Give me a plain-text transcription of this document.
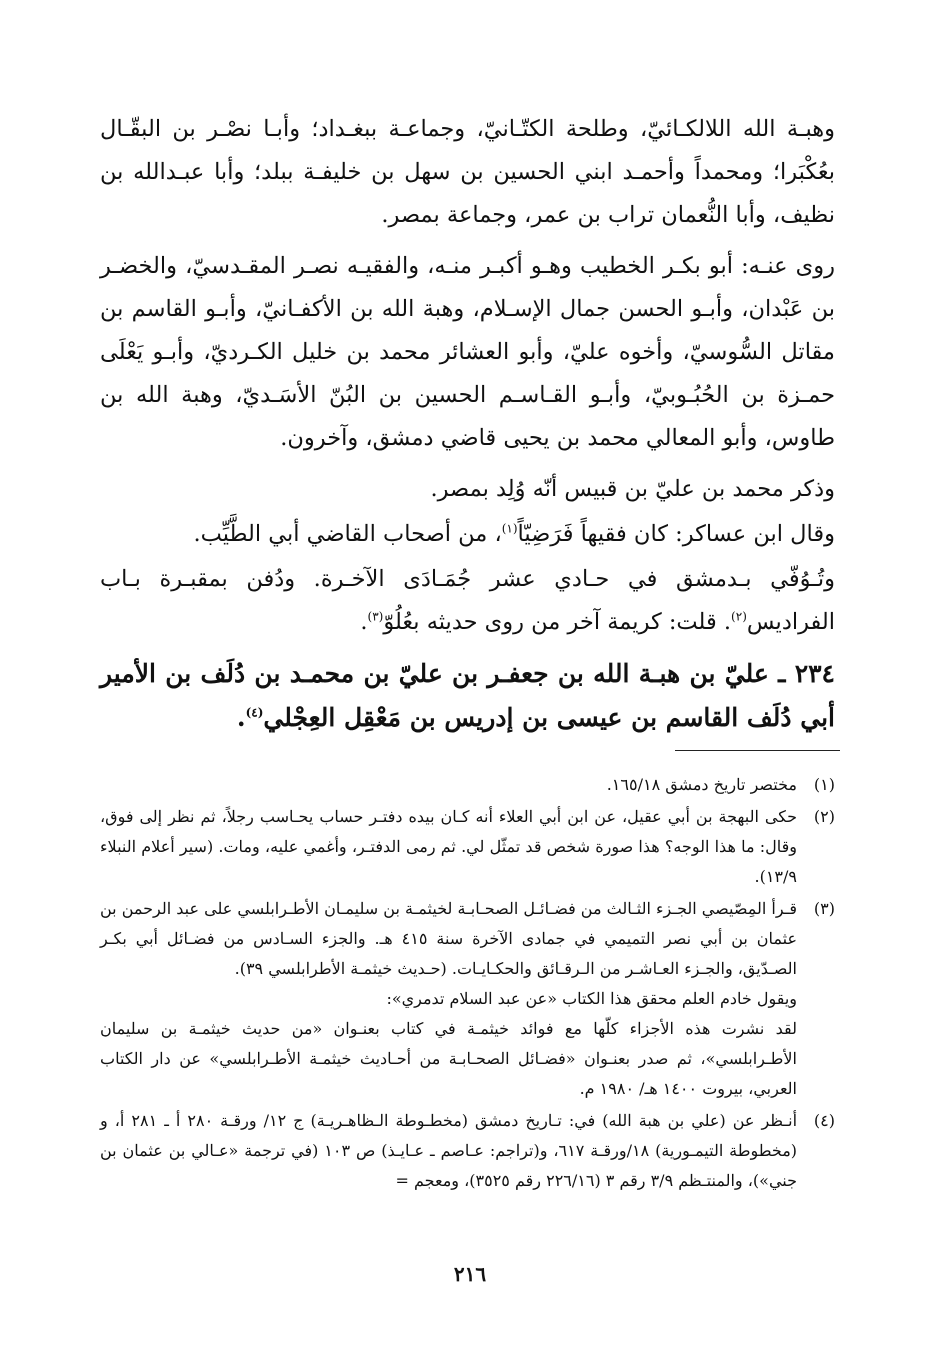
وهبـة الله اللالكـائيّ، وطلحة الكتّـانيّ، وجماعـة ببغـداد؛ وأبـا نصْـر بن البقّـال بعُكْبَرا؛ ومحمداً وأحمـد ابني الحسين بن سهل بن خليفـة ببلد؛ وأبا عبـدالله بن نظيف، وأبا النُّعمان تراب بن عمر، وجماعة بمصر.

روى عنـه: أبو بكـر الخطيب وهـو أكبـر منـه، والفقيـه نصـر المقـدسيّ، والخضـر بن عَبْدان، وأبـو الحسن جمال الإسـلام، وهبة الله بن الأكفـانيّ، وأبـو القاسم بن مقاتل السُّوسيّ، وأخوه عليّ، وأبو العشائر محمد بن خليل الكـرديّ، وأبـو يَعْلَى حمـزة بن الحُبُـوبيّ، وأبـو القـاسـم الحسين بن البُنّ الأسَـديّ، وهبة الله بن طاوس، وأبو المعالي محمد بن يحيى قاضي دمشق، وآخرون.

وذكر محمد بن عليّ بن قبيس أنّه وُلِد بمصر.

وقال ابن عساكر: كان فقيهاً فَرَضِيّاً$^{(١)}$، من أصحاب القاضي أبي الطَّيِّب.

وتُـوُفّي بـدمشق في حـادي عشر جُمَـادَى الآخـرة. ودُفن بمقبـرة بـاب الفراديس$^{(٢)}$. قلت: كريمة آخر من روى حديثه بعُلُوّ$^{(٣)}$.

٢٣٤ ـ عليّ بن هبـة الله بن جعفـر بن عليّ بن محمـد بن دُلَف بن الأمير أبي دُلَف القاسم بن عيسى بن إدريس بن مَعْقِل العِجْلي$^{(٤)}$.

(١)

مختصر تاريخ دمشق ١٦٥/١٨.

(٢)

حكى البهجة بن أبي عقيل، عن ابن أبي العلاء أنه كـان بيده دفتـر حساب يحـاسب رجلاً، ثم نظر إلى فوق، وقال: ما هذا الوجه؟ هذا صورة شخص قد تمثّل لي. ثم رمى الدفتـر، وأغمي عليه، ومات. (سير أعلام النبلاء ١٣/٩).

(٣)

قـرأ المِصّيصي الجـزء الثـالث من فضـائـل الصحـابـة لخيثمـة بن سليمـان الأطـرابلسي على عبد الرحمن بن عثمان بن أبي نصر التميمي في جمادى الآخرة سنة ٤١٥ هـ. والجزء السـادس من فضـائل أبي بكـر الصـدّيق، والجـزء العـاشـر من الـرقـائق والحكـايـات. (حـديث خيثمـة الأطرابلسي ٣٩).

ويقول خادم العلم محقق هذا الكتاب «عن عبد السلام تدمري»:

لقد نشرت هذه الأجزاء كلّها مع فوائد خيثمـة في كتاب بعنـوان «من حديث خيثمـة بن سليمان الأطـرابلسي»، ثم صدر بعنـوان «فضـائل الصحـابـة من أحـاديث خيثمـة الأطـرابلسي» عن دار الكتاب العربي، بيروت ١٤٠٠ هـ/ ١٩٨٠ م.

(٤)

أنـظر عن (علي بن هبة الله) في: تـاريخ دمشق (مخطـوطة الـظاهـريـة) ج ١٢/ ورقـة ٢٨٠ أ ـ ٢٨١ أ، و (مخطوطة التيمـورية) ١٨/ورقـة ٦١٧، و(تراجم: عـاصم ـ عـايـذ) ص ١٠٣ (في ترجمة «عـالي بن عثمان بن جني»)، والمنتـظم ٣/٩ رقم ٣ (٢٢٦/١٦ رقم ٣٥٢٥)، ومعجم =

٢١٦
